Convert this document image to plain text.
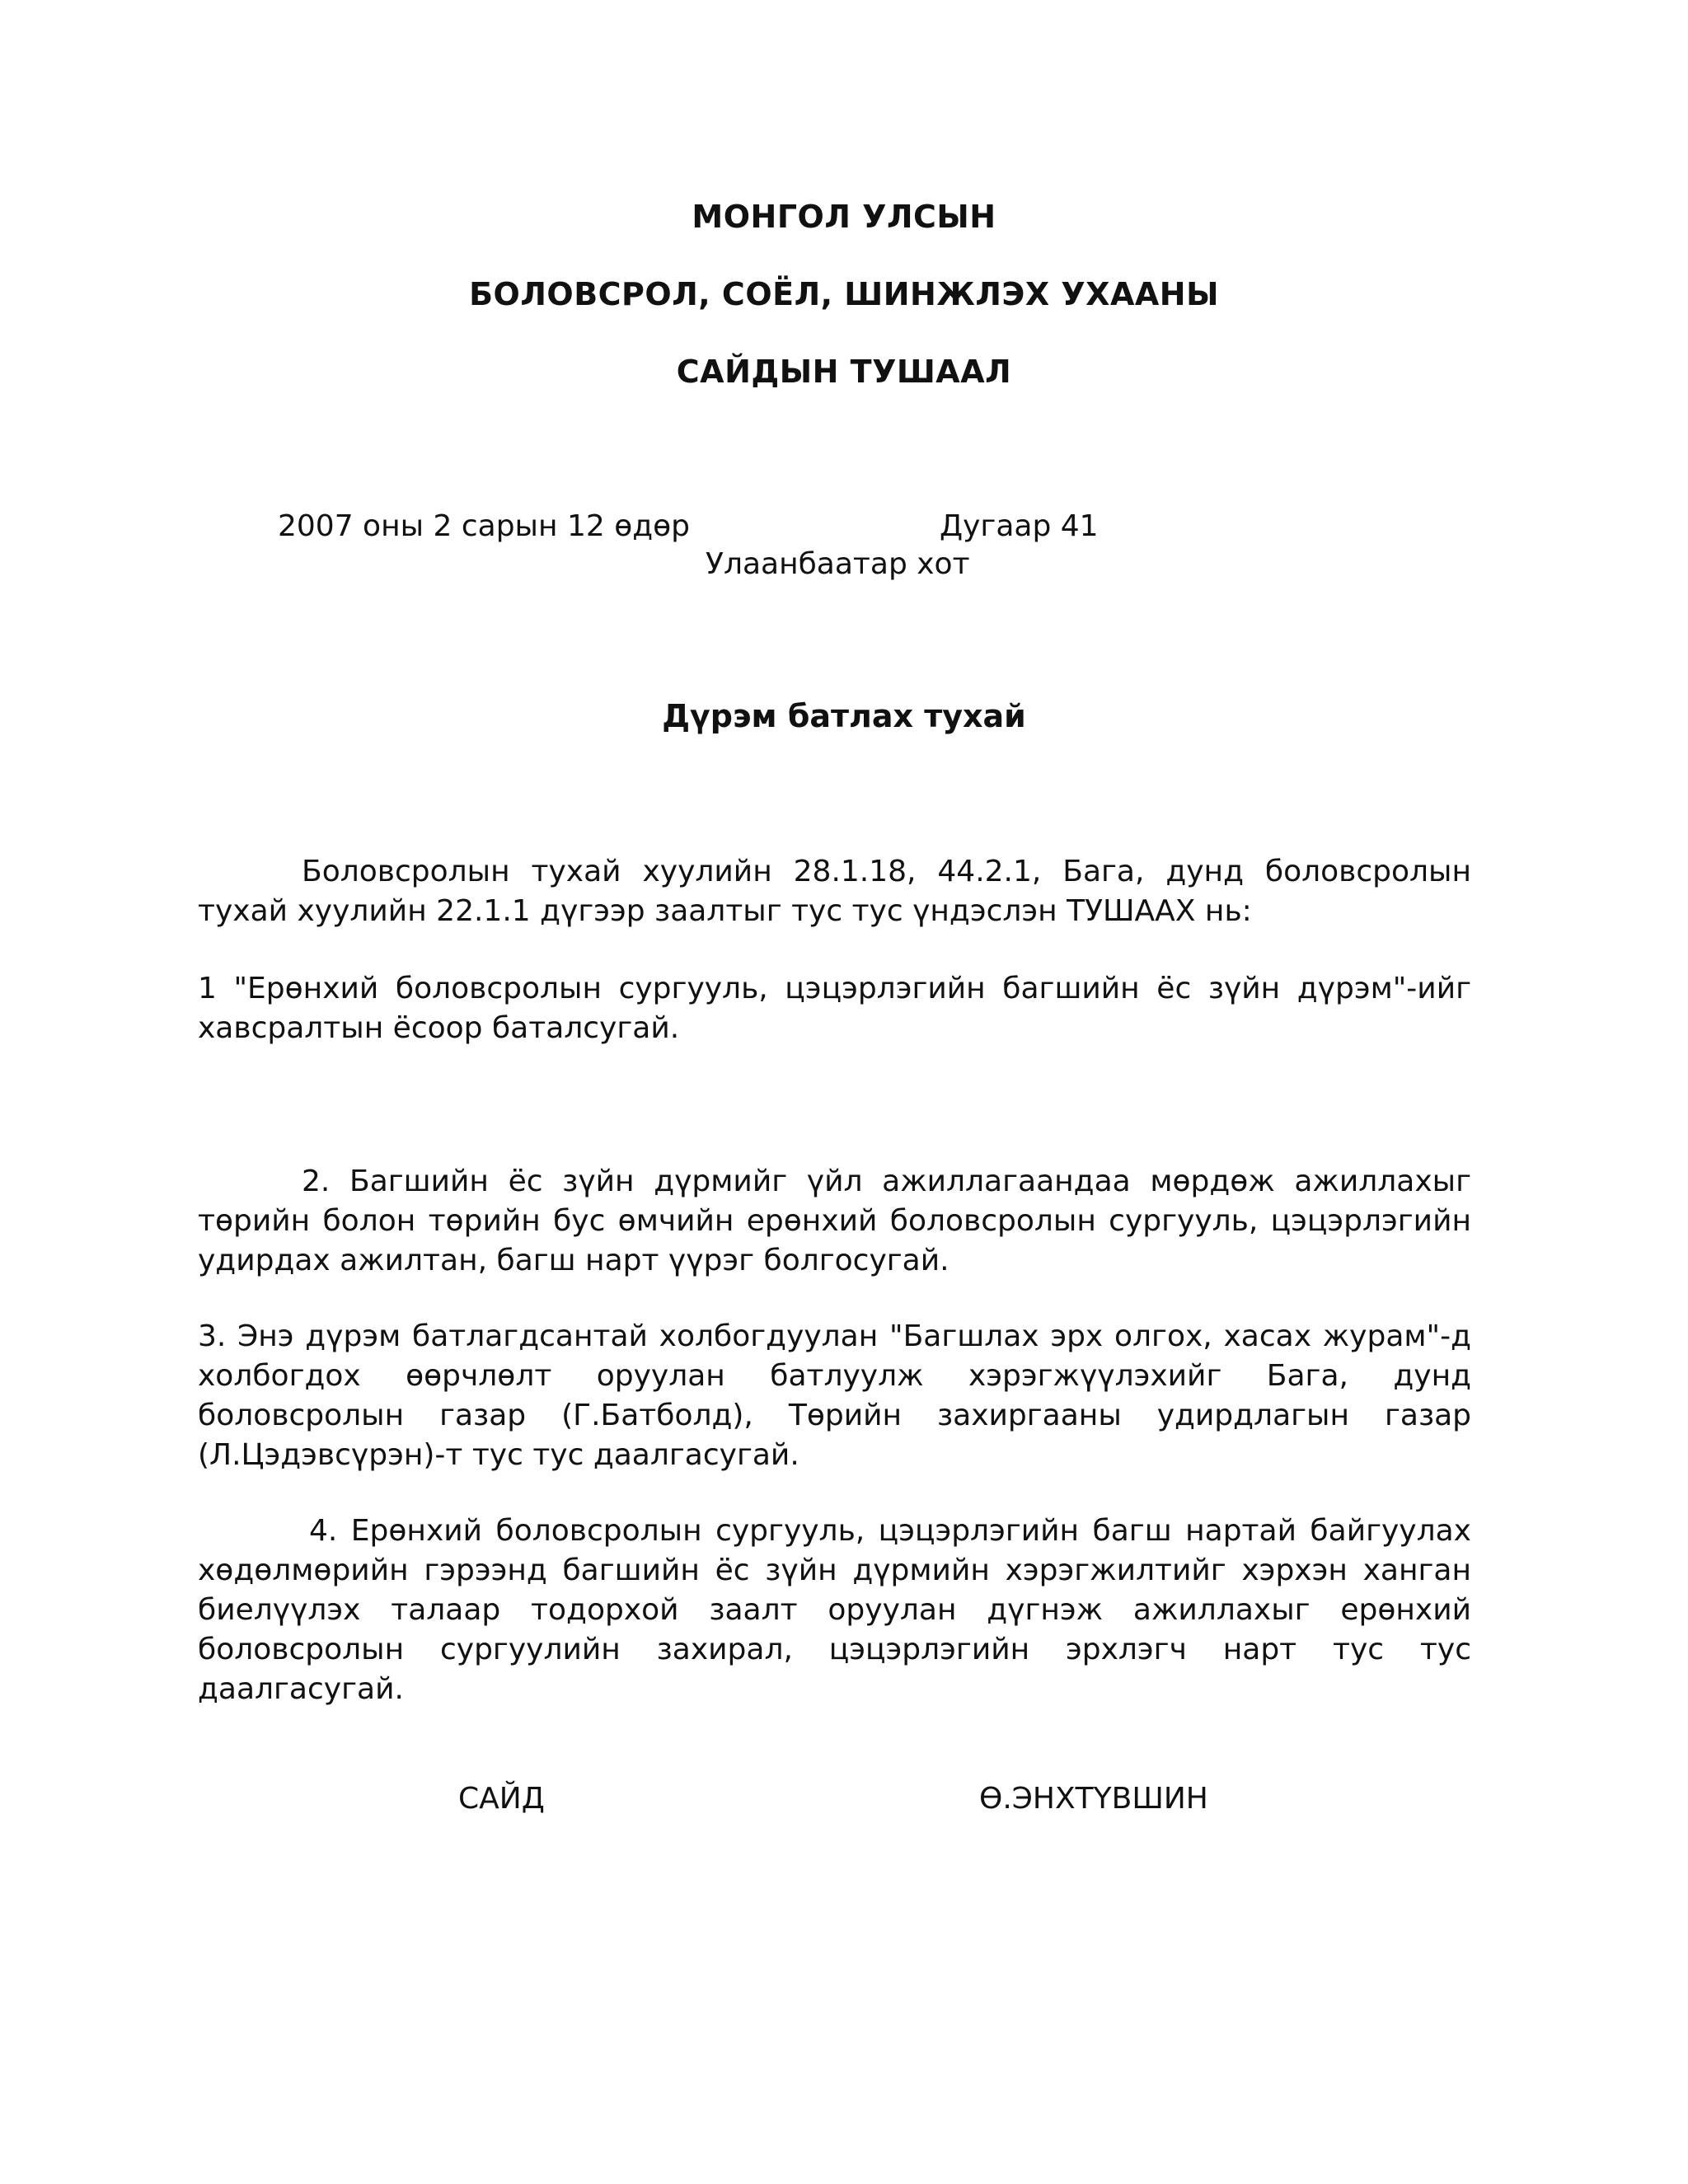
МОНГОЛ УЛСЫН
БОЛОВСРОЛ, СОЁЛ, ШИНЖЛЭХ УХААНЫ
САЙДЫН ТУШААЛ
2007 оны 2 сарын 12 өдөр	Дугаар 41
Улаанбаатар хот
Дүрэм батлах тухай
Боловсролын тухай хуулийн 28.1.18, 44.2.1, Бага, дунд боловсролын тухай хуулийн 22.1.1 дүгээр заалтыг тус тус үндэслэн ТУШААХ нь:
1 "Ерөнхий боловсролын сургууль, цэцэрлэгийн багшийн ёс зүйн дүрэм"-ийг хавсралтын ёсоор баталсугай.
2. Багшийн ёс зүйн дүрмийг үйл ажиллагаандаа мөрдөж ажиллахыг төрийн болон төрийн бус өмчийн ерөнхий боловсролын сургууль, цэцэрлэгийн удирдах ажилтан, багш нарт үүрэг болгосугай.
3. Энэ дүрэм батлагдсантай холбогдуулан "Багшлах эрх олгох, хасах журам"-д холбогдох өөрчлөлт оруулан батлуулж хэрэгжүүлэхийг Бага, дунд боловсролын газар (Г.Батболд), Төрийн захиргааны удирдлагын газар (Л.Цэдэвсүрэн)-т тус тус даалгасугай.
4. Ерөнхий боловсролын сургууль, цэцэрлэгийн багш нартай байгуулах хөдөлмөрийн гэрээнд багшийн ёс зүйн дүрмийн хэрэгжилтийг хэрхэн ханган биелүүлэх талаар тодорхой заалт оруулан дүгнэж ажиллахыг ерөнхий боловсролын сургуулийн захирал, цэцэрлэгийн эрхлэгч нарт тус тус даалгасугай.
САЙД	Ө.ЭНХТҮВШИН
